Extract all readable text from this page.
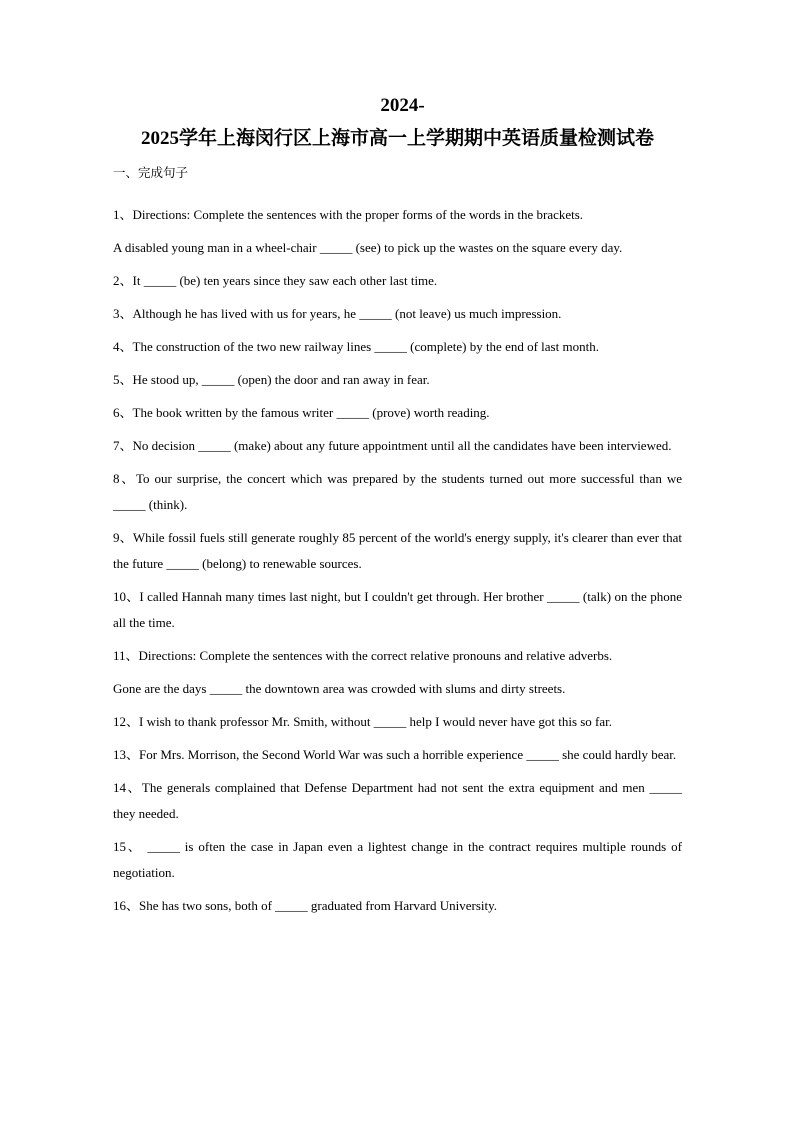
2024-
2025学年上海闵行区上海市高一上学期期中英语质量检测试卷
一、完成句子
1、Directions: Complete the sentences with the proper forms of the words in the brackets.
A disabled young man in a wheel-chair _____ (see) to pick up the wastes on the square every day.
2、It _____ (be) ten years since they saw each other last time.
3、Although he has lived with us for years, he _____ (not leave) us much impression.
4、The construction of the two new railway lines _____ (complete) by the end of last month.
5、He stood up, _____ (open) the door and ran away in fear.
6、The book written by the famous writer _____ (prove) worth reading.
7、No decision _____ (make) about any future appointment until all the candidates have been interviewed.
8、To our surprise, the concert which was prepared by the students turned out more successful than we _____ (think).
9、While fossil fuels still generate roughly 85 percent of the world's energy supply, it's clearer than ever that the future _____ (belong) to renewable sources.
10、I called Hannah many times last night, but I couldn't get through. Her brother _____ (talk) on the phone all the time.
11、Directions: Complete the sentences with the correct relative pronouns and relative adverbs.
Gone are the days _____ the downtown area was crowded with slums and dirty streets.
12、I wish to thank professor Mr. Smith, without _____ help I would never have got this so far.
13、For Mrs. Morrison, the Second World War was such a horrible experience _____ she could hardly bear.
14、The generals complained that Defense Department had not sent the extra equipment and men _____ they needed.
15、 _____ is often the case in Japan even a lightest change in the contract requires multiple rounds of negotiation.
16、She has two sons, both of _____ graduated from Harvard University.
